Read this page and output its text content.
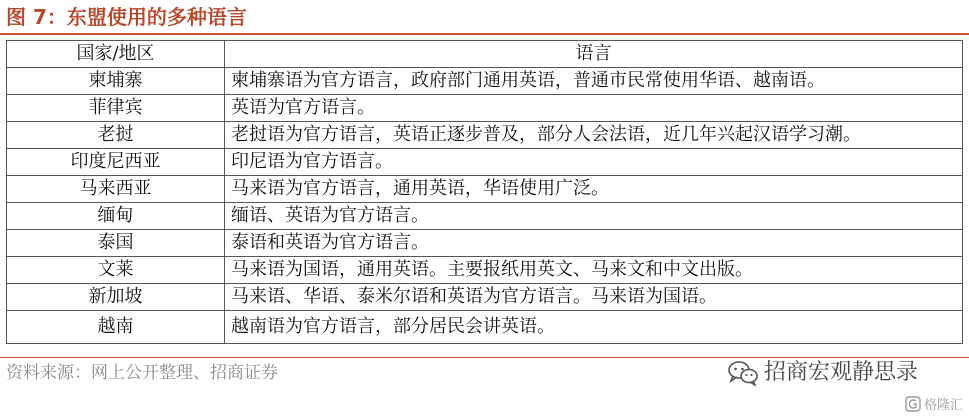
图 7：东盟使用的多种语言
国家/地区	语言
柬埔寨	柬埔寨语为官方语言，政府部门通用英语，普通市民常使用华语、越南语。
菲律宾	英语为官方语言。
老挝	老挝语为官方语言，英语正逐步普及，部分人会法语，近几年兴起汉语学习潮。
印度尼西亚	印尼语为官方语言。
马来西亚	马来语为官方语言，通用英语，华语使用广泛。
缅甸	缅语、英语为官方语言。
泰国	泰语和英语为官方语言。
文莱	马来语为国语，通用英语。主要报纸用英文、马来文和中文出版。
新加坡	马来语、华语、泰米尔语和英语为官方语言。马来语为国语。
越南	越南语为官方语言，部分居民会讲英语。
资料来源：网上公开整理、招商证券	招商宏观静思录
格隆汇
